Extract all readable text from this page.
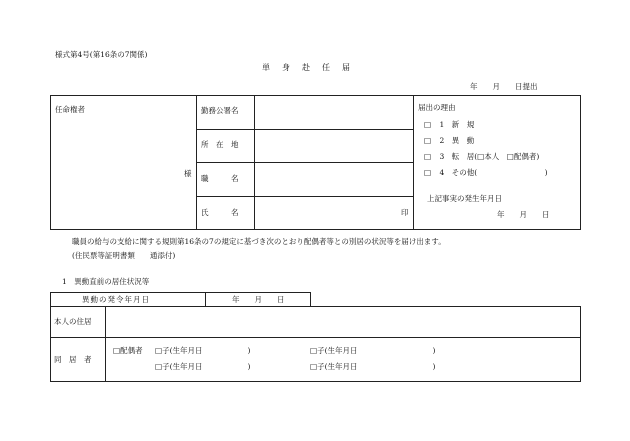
様式第4号(第16条の7関係)
単　身　赴　任　届
年　　月　　日提出
任命権者
様
勤務公署名
所　在　地
職　　　名
氏　　　名	印
届出の理由
□ 1　新　規
□ 2　異　動
□ 3　転　居(□本人　□配偶者)
□ 4　その他(　　　　　　　　　)
上記事実の発生年月日
年　　月　　日
職員の給与の支給に関する規則第16条の7の規定に基づき次のとおり配偶者等との別居の状況等を届け出ます。
(住民票等証明書類　　通添付)
1　異動直前の居住状況等
異動の発令年月日	年　　月　　日
本人の住居
同　居　者
□配偶者 □子(生年月日　　　　　　)	□子(生年月日　　　　　　　　　　)
□子(生年月日　　　　　　)	□子(生年月日　　　　　　　　　　)
